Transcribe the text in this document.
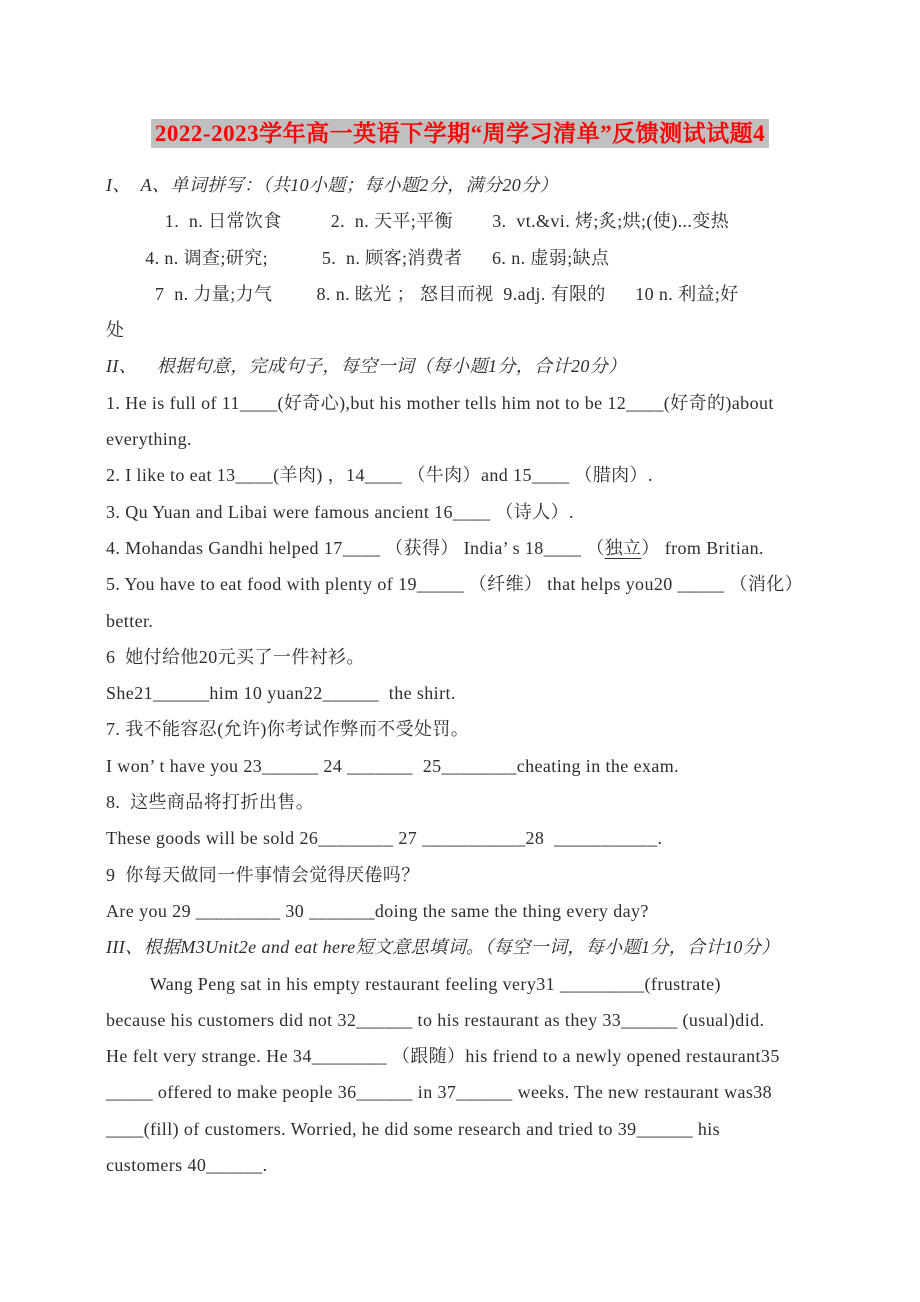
2022-2023学年高一英语下学期“周学习清单”反馈测试试题4
I、  A、单词拼写：（共10小题；每小题2分，满分20分）
1.  n. 日常饮食          2.  n. 天平;平衡        3.  vt.&vi. 烤;炙;烘;(使)...变热
4. n. 调查;研究;           5.  n. 顾客;消费者      6. n. 虚弱;缺点
7  n. 力量;力气         8. n. 眩光 ； 怒目而视  9.adj. 有限的      10 n. 利益;好
处
II、    根据句意，完成句子，每空一词（每小题1分，合计20分）
1. He is full of 11____(好奇心),but his mother tells him not to be 12____(好奇的)about
everything.
2. I like to eat 13____(羊肉) ，14____ （牛肉）and 15____ （腊肉）.
3. Qu Yuan and Libai were famous ancient 16____ （诗人）.
4. Mohandas Gandhi helped 17____ （获得） India’ s 18____ （独立） from Britian.
5. You have to eat food with plenty of 19_____ （纤维） that helps you20 _____ （消化）
better.
6  她付给他20元买了一件衬衫。
She21______him 10 yuan22______  the shirt.
7. 我不能容忍(允许)你考试作弊而不受处罚。
I won’ t have you 23______ 24 _______  25________cheating in the exam.
8.  这些商品将打折出售。
These goods will be sold 26________ 27 ___________28  ___________.
9  你每天做同一件事情会觉得厌倦吗？
Are you 29 _________ 30 _______doing the same the thing every day?
III、根据M3Unit2e and eat here短文意思填词。（每空一词，每小题1分，合计10分）
Wang Peng sat in his empty restaurant feeling very31 _________(frustrate)
because his customers did not 32______ to his restaurant as they 33______ (usual)did.
He felt very strange. He 34________ （跟随）his friend to a newly opened restaurant35
_____ offered to make people 36______ in 37______ weeks. The new restaurant was38
____(fill) of customers. Worried, he did some research and tried to 39______ his
customers 40______.
